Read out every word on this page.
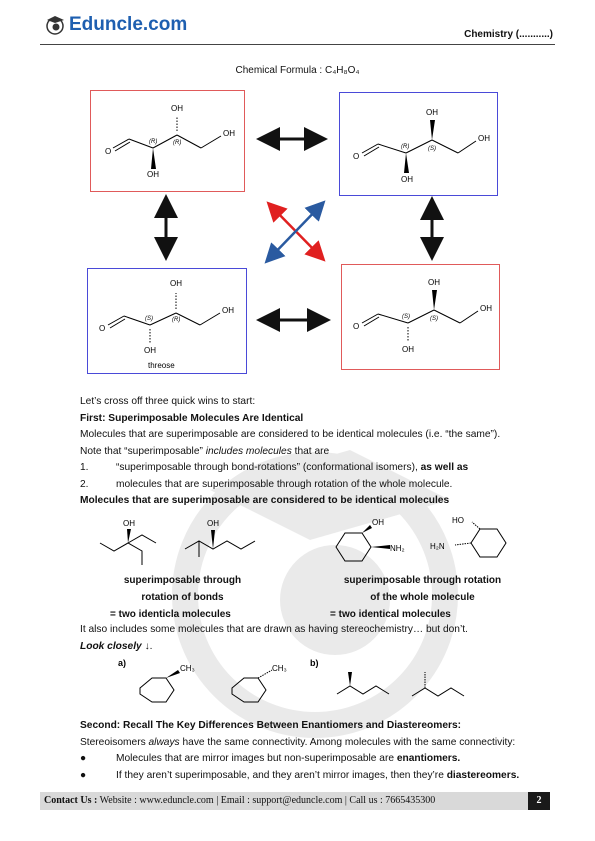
Eduncle.com	Chemistry (...........)
Chemical Formula : C₄H₈O₄
O
OH
OH
OH
(R)	(R)
O
OH
OH
OH
(R)	(S)
O
OH
OH
OH
(S)	(R)
threose
O
OH
OH
OH
(S)	(S)
Let’s cross off three quick wins to start:
First: Superimposable Molecules Are Identical
Molecules that are superimposable are considered to be identical molecules (i.e. “the same”).
Note that “superimposable” includes molecules that are
1.	“superimposable through bond-rotations” (conformational isomers), as well as
2.	molecules that are superimposable through rotation of the whole molecule.
Molecules that are superimposable are considered to be identical molecules
OH	OH	OH
NH₂
HO
H₂N
superimposable through
rotation of bonds
= two identicla molecules
superimposable through rotation
of the whole molecule
= two identical molecules
It also includes some molecules that are drawn as having stereochemistry… but don’t.
Look closely ↓.
a)
CH₃	CH₃
b)
Second: Recall The Key Differences Between Enantiomers and Diastereomers:
Stereoisomers always have the same connectivity. Among molecules with the same connectivity:
●	Molecules that are mirror images but non-superimposable are enantiomers.
●	If they aren’t superimposable, and they aren’t mirror images, then they’re diastereomers.
Contact Us : Website : www.eduncle.com | Email : support@eduncle.com | Call us : 7665435300	2
